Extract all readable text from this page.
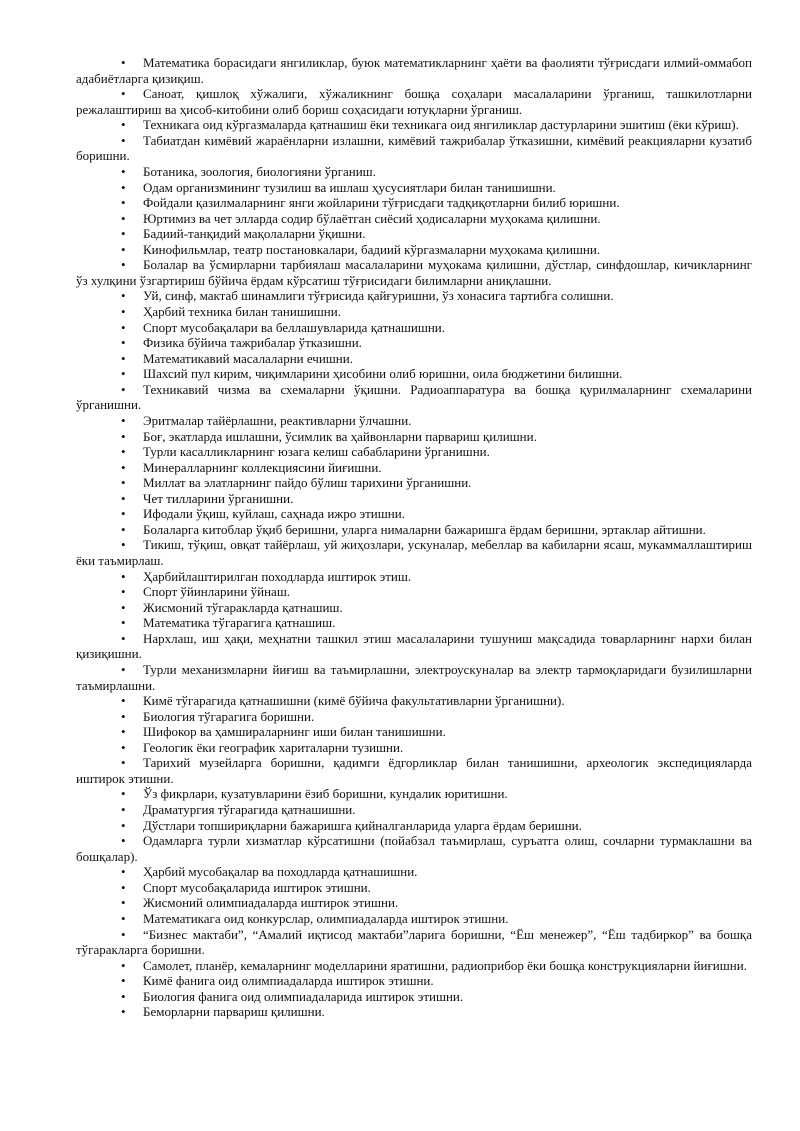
• Математика борасидаги янгиликлар, буюк математикларнинг ҳаёти ва фаолияти тўғрисдаги илмий-оммабоп адабиётларга қизиқиш.
• Саноат, қишлоқ хўжалиги, хўжаликнинг бошқа соҳалари масалаларини ўрганиш, ташкилотларни режалаштириш ва ҳисоб-китобини олиб бориш соҳасидаги ютуқларни ўрганиш.
• Техникага оид кўргазмаларда қатнашиш ёки техникага оид янгиликлар дастурларини эшитиш (ёки кўриш).
• Табиатдан кимёвий жараёнларни излашни, кимёвий тажрибалар ўтказишни, кимёвий реакцияларни кузатиб боришни.
• Ботаника, зоология, биологияни ўрганиш.
• Одам организмининг тузилиш ва ишлаш ҳусусиятлари билан танишишни.
• Фойдали қазилмаларнинг янги жойларини тўғрисдаги тадқиқотларни билиб юришни.
• Юртимиз ва чет элларда содир бўлаётган сиёсий ҳодисаларни муҳокама қилишни.
• Бадиий-танқидий мақолаларни ўқишни.
• Кинофильмлар, театр постановкалари, бадиий кўргазмаларни муҳокама қилишни.
• Болалар ва ўсмирларни тарбиялаш масалаларини муҳокама қилишни, дўстлар, синфдошлар, кичикларнинг ўз хулқини ўзгартириш бўйича ёрдам кўрсатиш тўғрисидаги билимларни аниқлашни.
• Уй, синф, мактаб шинамлиги тўғрисида қайғуришни, ўз хонасига тартибга солишни.
• Ҳарбий техника билан танишишни.
• Спорт мусобақалари ва беллашувларида қатнашишни.
• Физика бўйича тажрибалар ўтказишни.
• Математикавий масалаларни ечишни.
• Шахсий пул кирим, чиқимларини ҳисобини олиб юришни, оила бюджетини билишни.
• Техникавий чизма ва схемаларни ўқишни. Радиоаппаратура ва бошқа қурилмаларнинг схемаларини ўрганишни.
• Эритмалар тайёрлашни, реактивларни ўлчашни.
• Боғ, экатларда ишлашни, ўсимлик ва ҳайвонларни парвариш қилишни.
• Турли касалликларнинг юзага келиш сабабларини ўрганишни.
• Минералларнинг коллекциясини йиғишни.
• Миллат ва элатларнинг пайдо бўлиш тарихини ўрганишни.
• Чет тилларини ўрганишни.
• Ифодали ўқиш, куйлаш, саҳнада ижро этишни.
• Болаларга китоблар ўқиб беришни, уларга нималарни бажаришга ёрдам беришни, эртаклар айтишни.
• Тикиш, тўқиш, овқат тайёрлаш, уй жиҳозлари, ускуналар, мебеллар ва кабиларни ясаш, мукаммаллаштириш ёки таъмирлаш.
• Ҳарбийлаштирилган походларда иштирок этиш.
• Спорт ўйинларини ўйнаш.
• Жисмоний тўгаракларда қатнашиш.
• Математика тўгарагига қатнашиш.
• Нархлаш, иш ҳақи, меҳнатни ташкил этиш масалаларини тушуниш мақсадида товарларнинг нархи билан қизиқишни.
• Турли механизмларни йиғиш ва таъмирлашни, электроускуналар ва электр тармоқларидаги бузилишларни таъмирлашни.
• Кимё тўгарагида қатнашишни (кимё бўйича факультативларни ўрганишни).
• Биология тўгарагига боришни.
• Шифокор ва ҳамшираларнинг иши билан танишишни.
• Геологик ёки географик хариталарни тузишни.
• Тарихий музейларга боришни, қадимги ёдгорликлар билан танишишни, археологик экспедицияларда иштирок этишни.
• Ўз фикрлари, кузатувларини ёзиб боришни, кундалик юритишни.
• Драматургия тўгарагида қатнашишни.
• Дўстлари топшириқларни бажаришга қийналганларида уларга ёрдам беришни.
• Одамларга турли хизматлар кўрсатишни (пойабзал таъмирлаш, суръатга олиш, сочларни турмаклашни ва бошқалар).
• Ҳарбий мусобақалар ва походларда қатнашишни.
• Спорт мусобақаларида иштирок этишни.
• Жисмоний олимпиадаларда иштирок этишни.
• Математикага оид конкурслар, олимпиадаларда иштирок этишни.
• “Бизнес мактаби”, “Амалий иқтисод мактаби”ларига боришни, “Ёш менежер”, “Ёш тадбиркор” ва бошқа тўгаракларга боришни.
• Самолет, планёр, кемаларнинг моделларини яратишни, радиоприбор ёки бошқа конструкцияларни йиғишни.
• Кимё фанига оид олимпиадаларда иштирок этишни.
• Биология фанига оид олимпиадаларида иштирок этишни.
• Беморларни парвариш қилишни.
